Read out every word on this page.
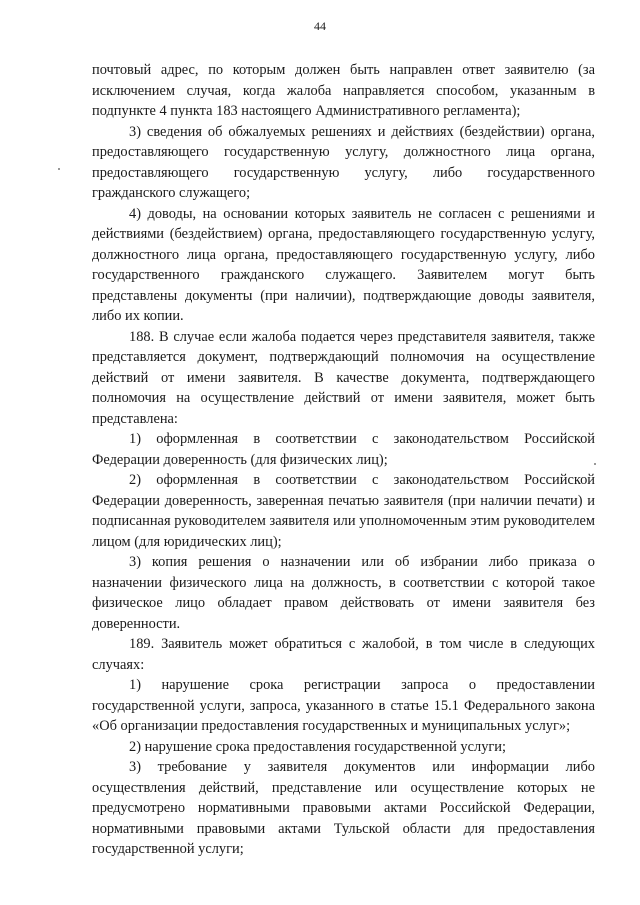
44

почтовый адрес, по которым должен быть направлен ответ заявителю (за исключением случая, когда жалоба направляется способом, указанным в подпункте 4 пункта 183 настоящего Административного регламента);

3) сведения об обжалуемых решениях и действиях (бездействии) органа, предоставляющего государственную услугу, должностного лица органа, предоставляющего государственную услугу, либо государственного гражданского служащего;

4) доводы, на основании которых заявитель не согласен с решениями и действиями (бездействием) органа, предоставляющего государственную услугу, должностного лица органа, предоставляющего государственную услугу, либо государственного гражданского служащего. Заявителем могут быть представлены документы (при наличии), подтверждающие доводы заявителя, либо их копии.

188. В случае если жалоба подается через представителя заявителя, также представляется документ, подтверждающий полномочия на осуществление действий от имени заявителя. В качестве документа, подтверждающего полномочия на осуществление действий от имени заявителя, может быть представлена:

1) оформленная в соответствии с законодательством Российской Федерации доверенность (для физических лиц);

2) оформленная в соответствии с законодательством Российской Федерации доверенность, заверенная печатью заявителя (при наличии печати) и подписанная руководителем заявителя или уполномоченным этим руководителем лицом (для юридических лиц);

3) копия решения о назначении или об избрании либо приказа о назначении физического лица на должность, в соответствии с которой такое физическое лицо обладает правом действовать от имени заявителя без доверенности.

189. Заявитель может обратиться с жалобой, в том числе в следующих случаях:

1) нарушение срока регистрации запроса о предоставлении государственной услуги, запроса, указанного в статье 15.1 Федерального закона «Об организации предоставления государственных и муниципальных услуг»;

2) нарушение срока предоставления государственной услуги;

3) требование у заявителя документов или информации либо осуществления действий, представление или осуществление которых не предусмотрено нормативными правовыми актами Российской Федерации, нормативными правовыми актами Тульской области для предоставления государственной услуги;
